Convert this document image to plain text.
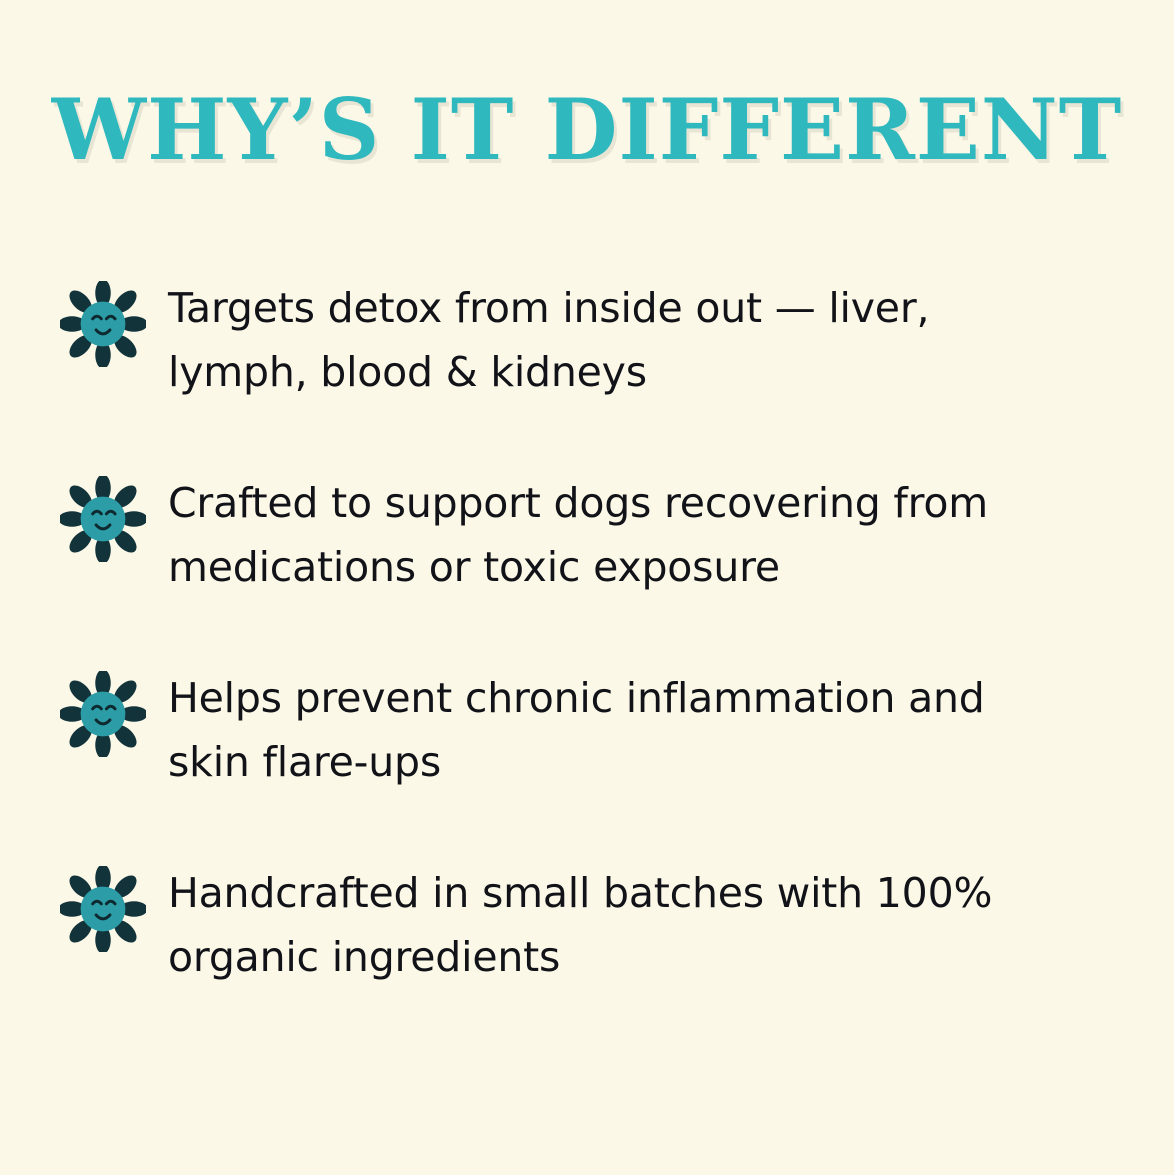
WHY’S IT DIFFERENT
Targets detox from inside out — liver, lymph, blood & kidneys
Crafted to support dogs recovering from medications or toxic exposure
Helps prevent chronic inflammation and skin flare-ups
Handcrafted in small batches with 100% organic ingredients
